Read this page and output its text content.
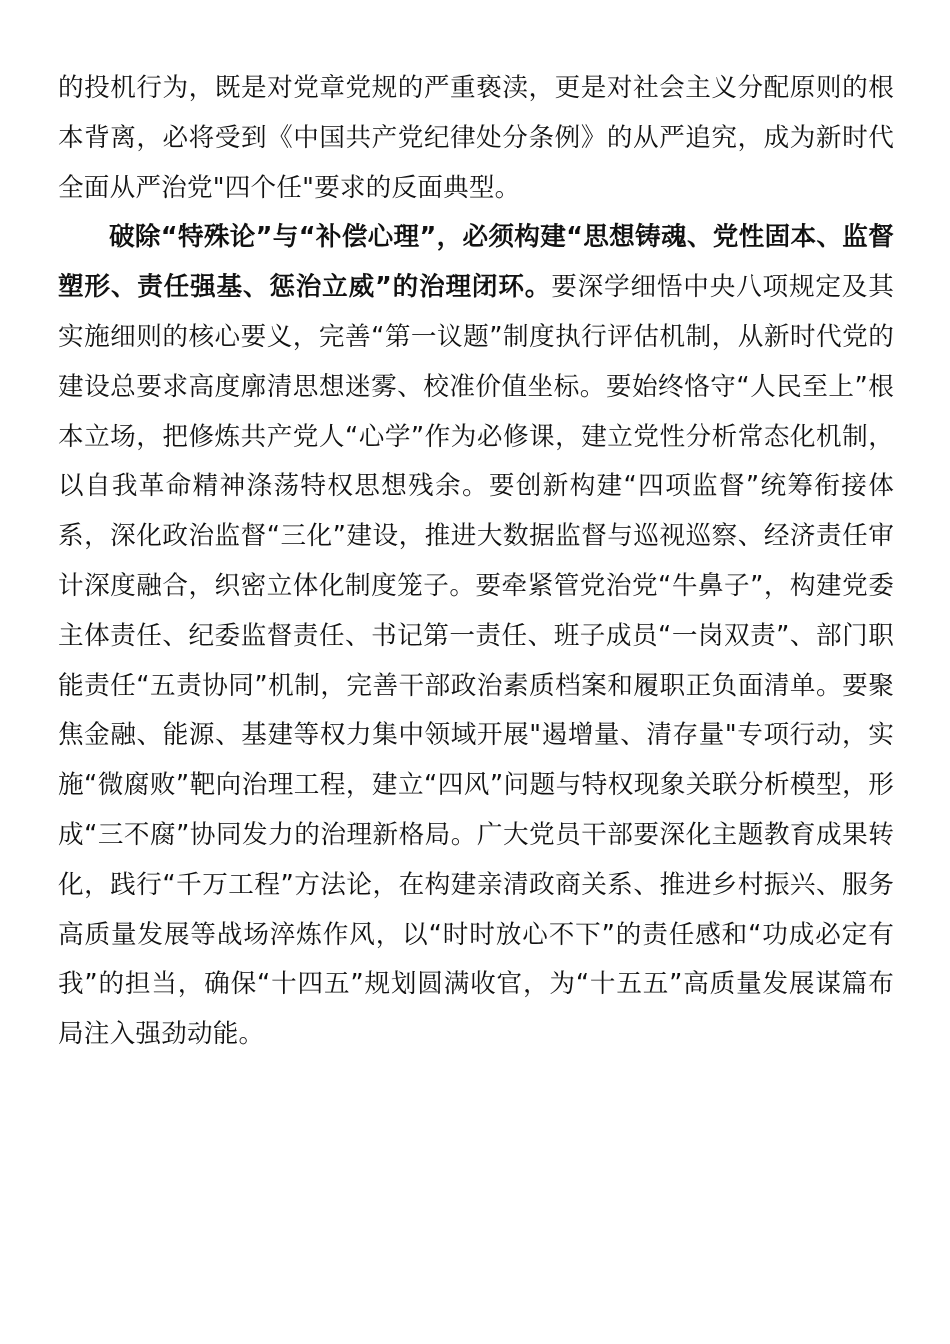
的投机行为，既是对党章党规的严重亵渎，更是对社会主义分配原则的根本背离，必将受到《中国共产党纪律处分条例》的从严追究，成为新时代全面从严治党"四个任"要求的反面典型。

破除“特殊论”与“补偿心理”，必须构建“思想铸魂、党性固本、监督塑形、责任强基、惩治立威”的治理闭环。要深学细悟中央八项规定及其实施细则的核心要义，完善“第一议题”制度执行评估机制，从新时代党的建设总要求高度廓清思想迷雾、校准价值坐标。要始终恪守“人民至上”根本立场，把修炼共产党人“心学”作为必修课，建立党性分析常态化机制，以自我革命精神涤荡特权思想残余。要创新构建“四项监督”统筹衔接体系，深化政治监督“三化”建设，推进大数据监督与巡视巡察、经济责任审计深度融合，织密立体化制度笼子。要牵紧管党治党“牛鼻子”，构建党委主体责任、纪委监督责任、书记第一责任、班子成员“一岗双责”、部门职能责任“五责协同”机制，完善干部政治素质档案和履职正负面清单。要聚焦金融、能源、基建等权力集中领域开展"遏增量、清存量"专项行动，实施“微腐败”靶向治理工程，建立“四风”问题与特权现象关联分析模型，形成“三不腐”协同发力的治理新格局。广大党员干部要深化主题教育成果转化，践行“千万工程”方法论，在构建亲清政商关系、推进乡村振兴、服务高质量发展等战场淬炼作风，以“时时放心不下”的责任感和“功成必定有我”的担当，确保“十四五”规划圆满收官，为“十五五”高质量发展谋篇布局注入强劲动能。
